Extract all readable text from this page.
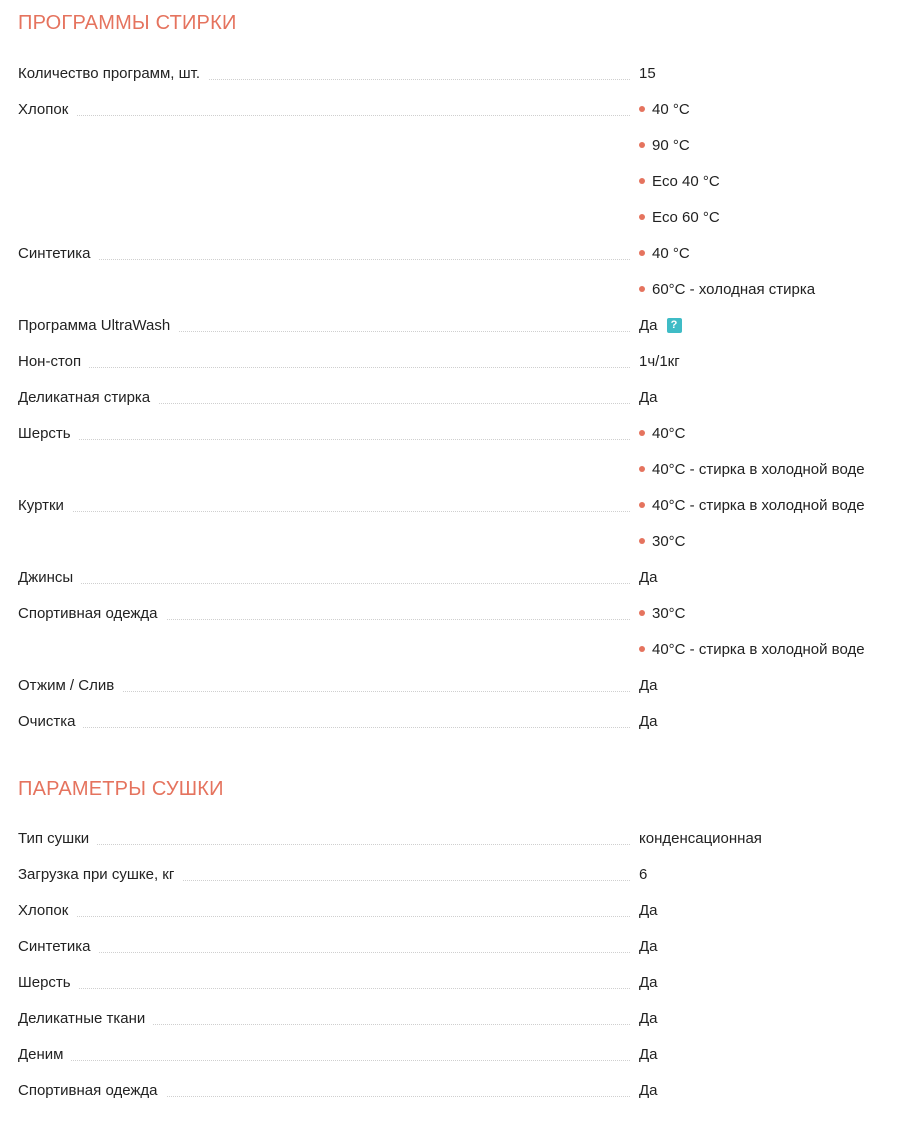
ПРОГРАММЫ СТИРКИ
Количество программ, шт.	15
Хлопок	40 °C
90 °C
Eco 40 °C
Eco 60 °C
Синтетика	40 °C
60°C - холодная стирка
Программа UltraWash	Да ?
Нон-стоп	1ч/1кг
Деликатная стирка	Да
Шерсть	40°C
40°C - стирка в холодной воде
Куртки	40°C - стирка в холодной воде
30°C
Джинсы	Да
Спортивная одежда	30°C
40°C - стирка в холодной воде
Отжим / Слив	Да
Очистка	Да
ПАРАМЕТРЫ СУШКИ
Тип сушки	конденсационная
Загрузка при сушке, кг	6
Хлопок	Да
Синтетика	Да
Шерсть	Да
Деликатные ткани	Да
Деним	Да
Спортивная одежда	Да
